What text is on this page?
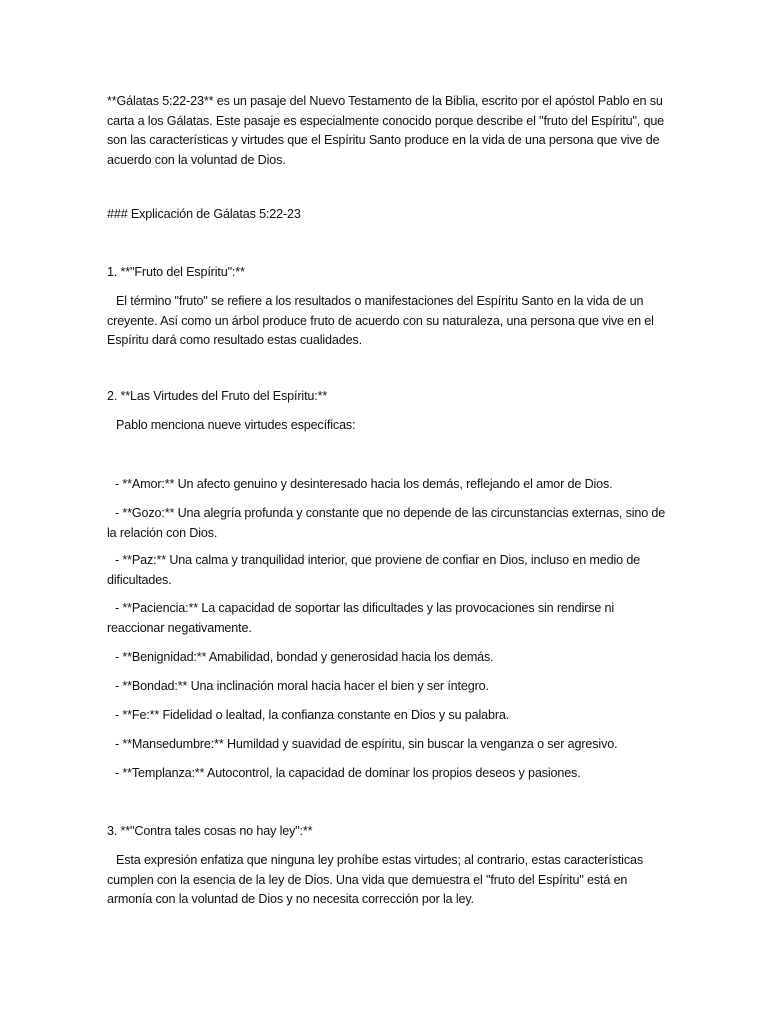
**Gálatas 5:22-23** es un pasaje del Nuevo Testamento de la Biblia, escrito por el apóstol Pablo en su carta a los Gálatas. Este pasaje es especialmente conocido porque describe el "fruto del Espíritu", que son las características y virtudes que el Espíritu Santo produce en la vida de una persona que vive de acuerdo con la voluntad de Dios.

### Explicación de Gálatas 5:22-23

1. **"Fruto del Espíritu":**

El término "fruto" se refiere a los resultados o manifestaciones del Espíritu Santo en la vida de un creyente. Así como un árbol produce fruto de acuerdo con su naturaleza, una persona que vive en el Espíritu dará como resultado estas cualidades.

2. **Las Virtudes del Fruto del Espíritu:**

Pablo menciona nueve virtudes específicas:

- **Amor:** Un afecto genuino y desinteresado hacia los demás, reflejando el amor de Dios.

- **Gozo:** Una alegría profunda y constante que no depende de las circunstancias externas, sino de la relación con Dios.

- **Paz:** Una calma y tranquilidad interior, que proviene de confiar en Dios, incluso en medio de dificultades.

- **Paciencia:** La capacidad de soportar las dificultades y las provocaciones sin rendirse ni reaccionar negativamente.

- **Benignidad:** Amabilidad, bondad y generosidad hacia los demás.

- **Bondad:** Una inclinación moral hacia hacer el bien y ser íntegro.

- **Fe:** Fidelidad o lealtad, la confianza constante en Dios y su palabra.

- **Mansedumbre:** Humildad y suavidad de espíritu, sin buscar la venganza o ser agresivo.

- **Templanza:** Autocontrol, la capacidad de dominar los propios deseos y pasiones.

3. **"Contra tales cosas no hay ley":**

Esta expresión enfatiza que ninguna ley prohíbe estas virtudes; al contrario, estas características cumplen con la esencia de la ley de Dios. Una vida que demuestra el "fruto del Espíritu" está en armonía con la voluntad de Dios y no necesita corrección por la ley.
